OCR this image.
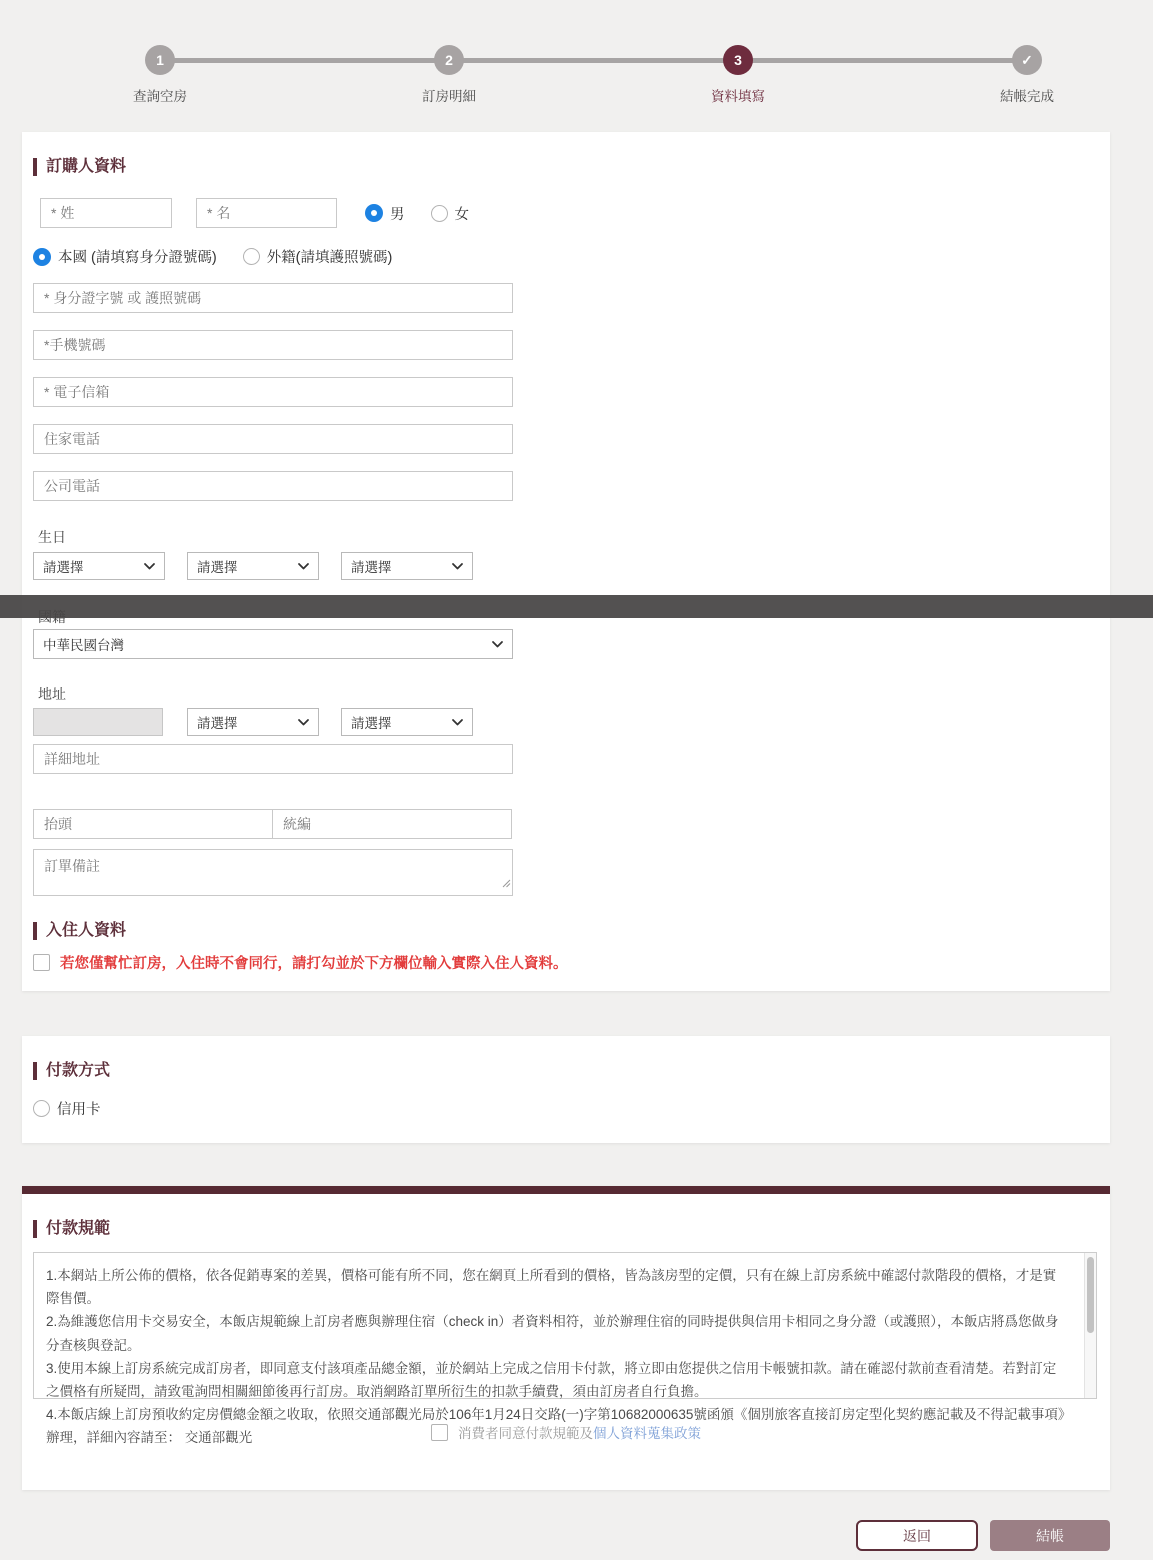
1
查詢空房
2
訂房明細
3
資料填寫
✓
結帳完成
訂購人資料
* 姓
* 名
男	女
本國 (請填寫身分證號碼)	外籍(請填護照號碼)
* 身分證字號 或 護照號碼
*手機號碼
* 電子信箱
住家電話
公司電話
生日
請選擇	請選擇	請選擇
中華民國台灣
地址
請選擇	請選擇
詳細地址
抬頭
統編
訂單備註
入住人資料
若您僅幫忙訂房，入住時不會同行，請打勾並於下方欄位輸入實際入住人資料。
付款方式
信用卡
付款規範

1.本網站上所公佈的價格，依各促銷專案的差異，價格可能有所不同，您在網頁上所看到的價格，皆為該房型的定價，只有在線上訂房系統中確認付款階段的價格，才是實際售價。

2.為維護您信用卡交易安全，本飯店規範線上訂房者應與辦理住宿（check in）者資料相符，並於辦理住宿的同時提供與信用卡相同之身分證（或護照），本飯店將爲您做身分查核與登記。

3.使用本線上訂房系統完成訂房者，即同意支付該項產品總金額，並於網站上完成之信用卡付款，將立即由您提供之信用卡帳號扣款。請在確認付款前查看清楚。若對訂定之價格有所疑問，請致電詢問相關細節後再行訂房。取消網路訂單所衍生的扣款手續費，須由訂房者自行負擔。

4.本飯店線上訂房預收約定房價總金額之收取，依照交通部觀光局於106年1月24日交路(一)字第10682000635號函頒《個別旅客直接訂房定型化契約應記載及不得記載事項》辦理，詳細內容請至： 交通部觀光	消費者同意付款規範及個人資料蒐集政策
返回	結帳
